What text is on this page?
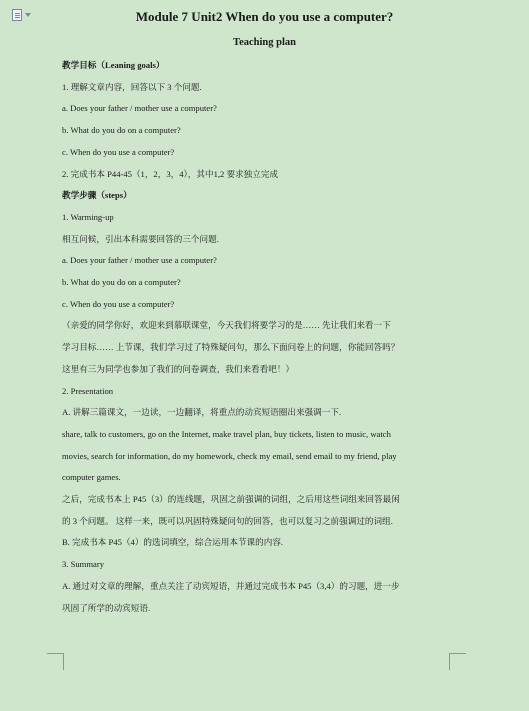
Module 7 Unit2 When do you use a computer?
Teaching plan
教学目标（Leaning goals）
1. 理解文章内容，回答以下 3 个问题.
a. Does your father / mother use a computer?
b. What do you do on a computer?
c. When do you use a computer?
2. 完成书本 P44-45（1，2，3，4），其中1,2 要求独立完成
教学步骤（steps）
1. Warming-up
相互问候，引出本科需要回答的三个问题.
a. Does your father / mother use a computer?
b. What do you do on a computer?
c. When do you use a computer?
（亲爱的同学你好，欢迎来到慕联课堂，今天我们将要学习的是…… 先让我们来看一下
学习目标…… 上节课，我们学习过了特殊疑问句，那么下面问卷上的问题，你能回答吗？
这里有三为同学也参加了我们的问卷调查，我们来看看吧！）
2. Presentation
A. 讲解三篇课文，一边读，一边翻译，将重点的动宾短语圈出来强调一下.
share, talk to customers, go on the Internet, make travel plan, buy tickets, listen to music, watch
movies, search for information, do my homework, check my email, send email to my friend, play
computer games.
之后，完成书本上 P45（3）的连线题，巩固之前强调的词组，之后用这些词组来回答最闲
的 3 个问题。 这样一来，既可以巩固特殊疑问句的回答，也可以复习之前强调过的词组.
B. 完成书本 P45（4）的选词填空，综合运用本节课的内容.
3. Summary
A. 通过对文章的理解，重点关注了动宾短语，并通过完成书本 P45（3,4）的习题，进一步
巩固了所学的动宾短语.
